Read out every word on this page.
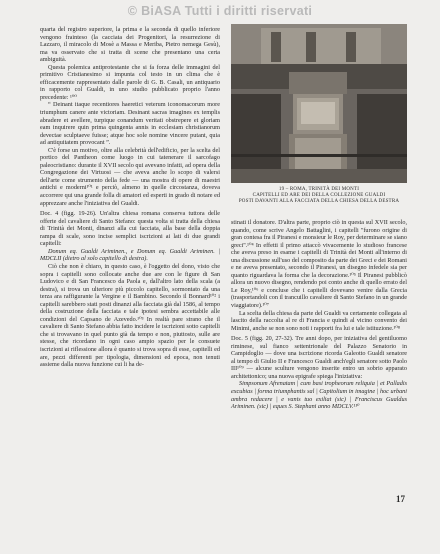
© BiASA Tutti i diritti riservati

quarta del registro superiore, la prima e la seconda di quello inferiore vengono frainteso (la cacciata dei Progenitori, la resurrezione di Lazzaro, il miracolo di Mosè a Massa e Meriba, Pietro nemega Gesù), ma va osservato che si tratta di scene che presentano una certa ambiguità.

Questa polemica antiprotestante che si fa forza delle immagini del primitivo Cristianesimo si impunta col testo in un clima che è efficacemente rappresentato dalle parole di G. B. Casali, un antiquario in rapporto col Gualdi, in uno studio pubblicato proprio l'anno precedente: ¹⁰⁰

“ Deinant itaque recentiores haeretici veterum iconomacorum more triumphum canere ante victoriam. Desinant sacras imagines ex templis abradere et avellere, turpique conandum veritati obstrepere et gloriam eam inquirere quin prima quingenta annis in ecclesiam christianorum devectae sculptaeve fuisse; atque hoc sole nomine vincere putant, quia ad antiquitatem provocant ”.

C'è forse un motivo, oltre alla celebrità dell'edificio, per la scelta del portico del Pantheon come luogo in cui tatenerare il sarcofago paleocristiano: durante il XVII secolo qui avevano infatti, ad opera della Congregazione dei Virtuosi — che aveva anche lo scopo di valersi dell'arte come strumento della fede — una mostra di opere di maestri antichi e moderni¹⁰¹ e perciò, almeno in quelle circostanza, doveva accorrere qui una grande folla di amatori ed esperti in grado di notare ed apprezzare anche l'iniziativa del Gualdi.

Doc. 4 (figg. 19-26). Un'altra chiesa romana conserva tuttora delle offerte del cavaliere di Santo Stefano: questa volta si tratta della chiesa di Trinità dei Monti, dinanzi alla cui facciata, alla base della doppia rampa di scale, sono incise semplici iscrizioni ai lati di due grandi capitelli:

Donum eq. Gualdi Ariminen., e Donum eq. Gualdi Ariminen. | MDCLII (dietro al solo capitello di destra).

Ciò che non è chiaro, in questo caso, è l'oggetto del dono, visto che sopra i capitelli sono collocate anche due are con le figure di San Ludovico e di San Francesco da Paola e, dall'altro lato della scala (a destra), si trova un ulteriore più piccolo capitello, sormontato da una terza ara raffigurante la Vergine e il Bambino. Secondo il Bonnard¹⁰² i capitelli sarebbero stati posti dinanzi alla facciata già dal 1586, al tempo della costruzione della facciata e tale ipotesi sembra accettabile alle condizioni del Capsano de Azevedo.¹⁰³ In realtà pare strano che il cavaliere di Santo Stefano abbia fatto incidere le iscrizioni sotto capitelli che si trovavano in quel punto già da tempo e non, piuttosto, sulle are stesse, che ricordano in ogni caso ampio spazio per le consuete iscrizioni ai riflessione allora è quanto si trova sopra di esse, capitelli ed are, pezzi differenti per tipologia, dimensioni ed epoca, non tenuti assieme dalla nuova funzione cui li ha de-

19 – ROMA, TRINITÀ DEI MONTI
CAPITELLI ED ARE DEI DELLA COLLEZIONE GUALDI
POSTI DAVANTI ALLA FACCIATA DELLA CHIESA DELLA DESTRA

stinati il donatore. D'altra parte, proprio ciò in questa sul XVII secolo, quando, come scrive Angelo Battaglini, i capitelli ''furono origine di gran contesa fra il Piranesi e monsieur le Roy, per determinare se siano greci''.¹⁰⁴ In effetti il primo attaccò vivacemente lo studioso francese che aveva preso in esame i capitelli di Trinità dei Monti all'interno di una discussione sull'uso del composito da parte dei Greci e dei Romani e ne aveva presentato, secondo il Piranesi, un disegno infedele sia per quanto riguardava la forma che la decorazione.¹⁰⁵ Il Piranesi pubblicò allora un nuovo disegno, rendendo poi conto anche di quello errato del Le Roy,¹⁰⁶ e concluse che i capitelli dovevano venire dalla Grecia (trasportandoli con il trancuillo cavaliere di Santo Stefano in un grande viaggiatore).¹⁰⁷

La scelta della chiesa da parte del Gualdi va certamente collegata al lascito della raccolta al re di Francia e quindi al vicino convento dei Minimi, anche se non sono noti i rapporti fra lui e tale istituzione.¹⁰⁸

Doc. 5 (figg. 20, 27-32). Tre anni dopo, per iniziativa del gentiluomo riminese, sul fianco settentrionale del Palazzo Senatorio in Campidoglio — dove una iscrizione ricorda Galeotto Gualdi senatore al tempo di Giulio II e Francesco Gualdi anch'egli senatore sotto Paolo III¹⁰⁹ — alcune sculture vengono inserite entro un sobrio apparato architettonico; una nuova epigrafe spiega l'iniziativa:

Simpsonum Afrenatam | cum basi tropheorum reliquia | et Palladis excubias | forma triumphantis sal | Capitolium in imagine | hoc urbani ambra redacere | e vanis tuo exiliat (sic) | Franciscus Gualdus Ariminen. (sic) | eques S. Stephani anno MDCLV.¹¹⁰

17
